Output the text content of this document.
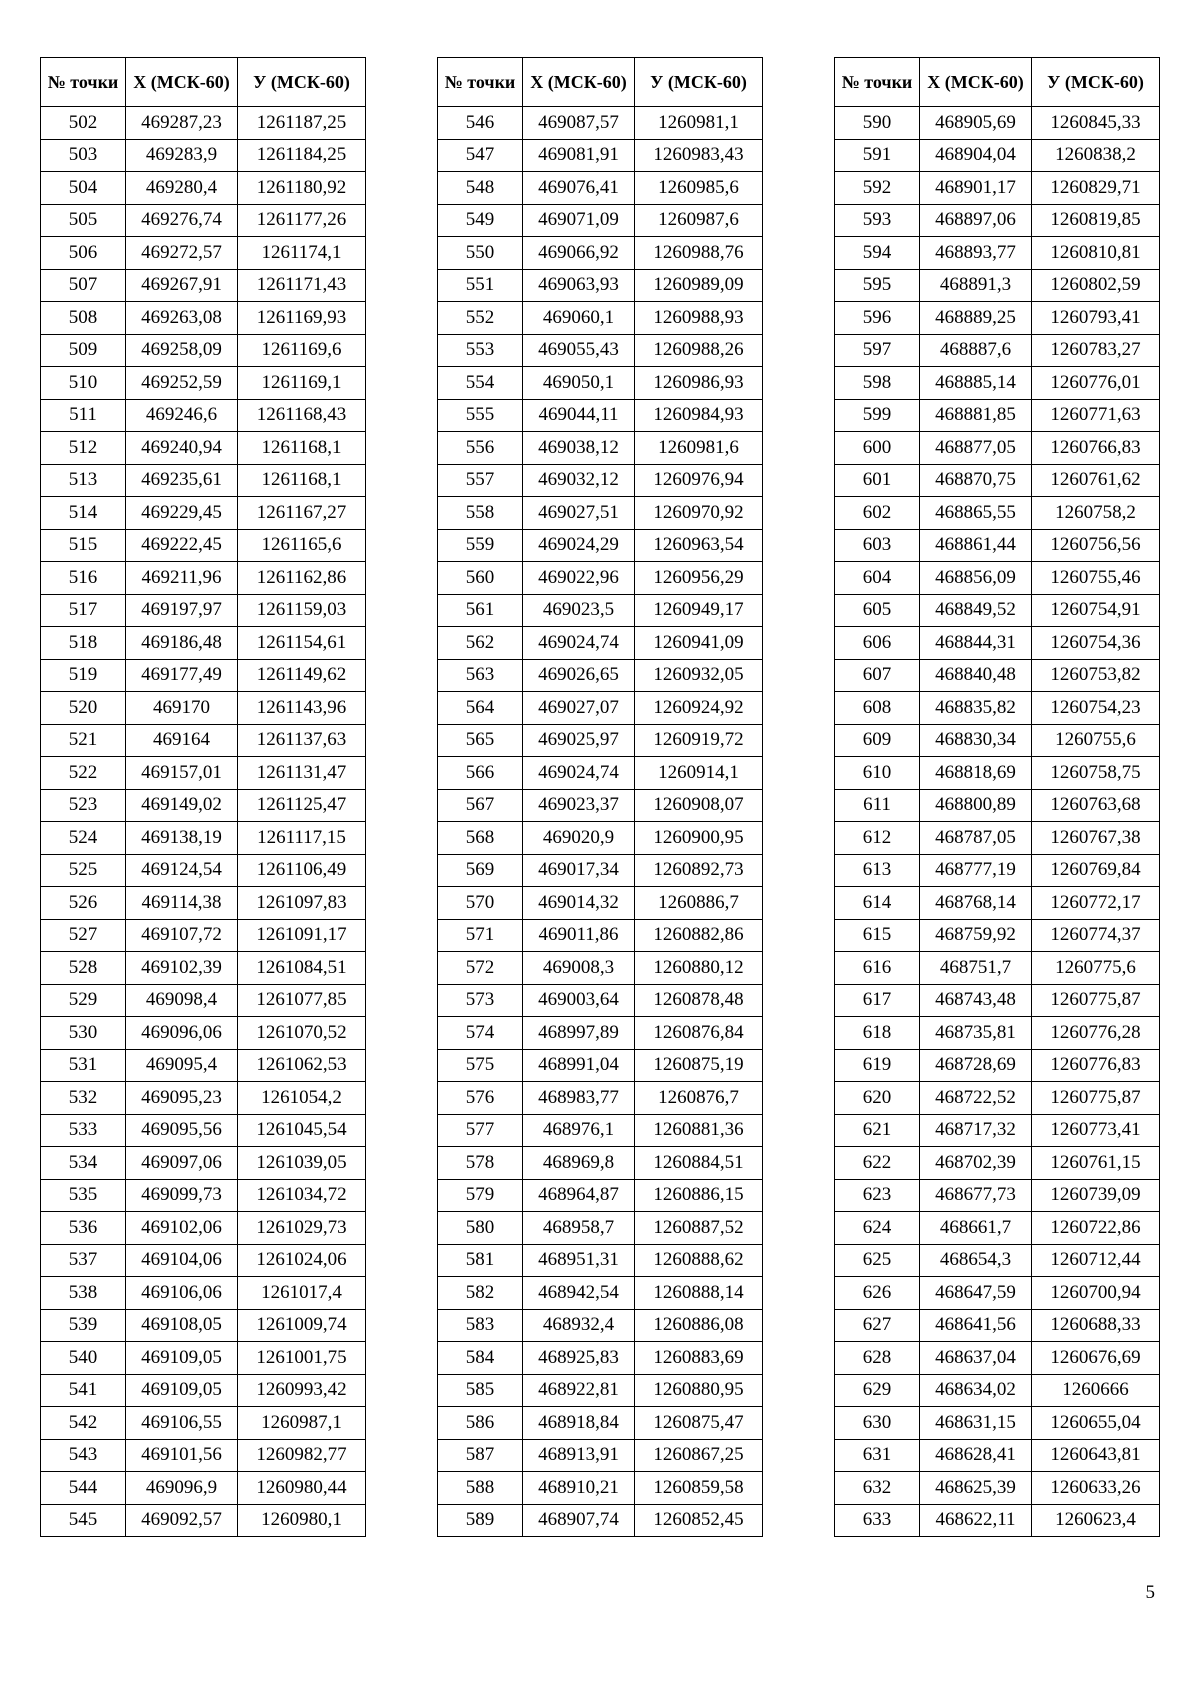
№ точки	Х (МСК-60)	У (МСК-60)
502	469287,23	1261187,25
503	469283,9	1261184,25
504	469280,4	1261180,92
505	469276,74	1261177,26
506	469272,57	1261174,1
507	469267,91	1261171,43
508	469263,08	1261169,93
509	469258,09	1261169,6
510	469252,59	1261169,1
511	469246,6	1261168,43
512	469240,94	1261168,1
513	469235,61	1261168,1
514	469229,45	1261167,27
515	469222,45	1261165,6
516	469211,96	1261162,86
517	469197,97	1261159,03
518	469186,48	1261154,61
519	469177,49	1261149,62
520	469170	1261143,96
521	469164	1261137,63
522	469157,01	1261131,47
523	469149,02	1261125,47
524	469138,19	1261117,15
525	469124,54	1261106,49
526	469114,38	1261097,83
527	469107,72	1261091,17
528	469102,39	1261084,51
529	469098,4	1261077,85
530	469096,06	1261070,52
531	469095,4	1261062,53
532	469095,23	1261054,2
533	469095,56	1261045,54
534	469097,06	1261039,05
535	469099,73	1261034,72
536	469102,06	1261029,73
537	469104,06	1261024,06
538	469106,06	1261017,4
539	469108,05	1261009,74
540	469109,05	1261001,75
541	469109,05	1260993,42
542	469106,55	1260987,1
543	469101,56	1260982,77
544	469096,9	1260980,44
545	469092,57	1260980,1
№ точки	Х (МСК-60)	У (МСК-60)
546	469087,57	1260981,1
547	469081,91	1260983,43
548	469076,41	1260985,6
549	469071,09	1260987,6
550	469066,92	1260988,76
551	469063,93	1260989,09
552	469060,1	1260988,93
553	469055,43	1260988,26
554	469050,1	1260986,93
555	469044,11	1260984,93
556	469038,12	1260981,6
557	469032,12	1260976,94
558	469027,51	1260970,92
559	469024,29	1260963,54
560	469022,96	1260956,29
561	469023,5	1260949,17
562	469024,74	1260941,09
563	469026,65	1260932,05
564	469027,07	1260924,92
565	469025,97	1260919,72
566	469024,74	1260914,1
567	469023,37	1260908,07
568	469020,9	1260900,95
569	469017,34	1260892,73
570	469014,32	1260886,7
571	469011,86	1260882,86
572	469008,3	1260880,12
573	469003,64	1260878,48
574	468997,89	1260876,84
575	468991,04	1260875,19
576	468983,77	1260876,7
577	468976,1	1260881,36
578	468969,8	1260884,51
579	468964,87	1260886,15
580	468958,7	1260887,52
581	468951,31	1260888,62
582	468942,54	1260888,14
583	468932,4	1260886,08
584	468925,83	1260883,69
585	468922,81	1260880,95
586	468918,84	1260875,47
587	468913,91	1260867,25
588	468910,21	1260859,58
589	468907,74	1260852,45
№ точки	Х (МСК-60)	У (МСК-60)
590	468905,69	1260845,33
591	468904,04	1260838,2
592	468901,17	1260829,71
593	468897,06	1260819,85
594	468893,77	1260810,81
595	468891,3	1260802,59
596	468889,25	1260793,41
597	468887,6	1260783,27
598	468885,14	1260776,01
599	468881,85	1260771,63
600	468877,05	1260766,83
601	468870,75	1260761,62
602	468865,55	1260758,2
603	468861,44	1260756,56
604	468856,09	1260755,46
605	468849,52	1260754,91
606	468844,31	1260754,36
607	468840,48	1260753,82
608	468835,82	1260754,23
609	468830,34	1260755,6
610	468818,69	1260758,75
611	468800,89	1260763,68
612	468787,05	1260767,38
613	468777,19	1260769,84
614	468768,14	1260772,17
615	468759,92	1260774,37
616	468751,7	1260775,6
617	468743,48	1260775,87
618	468735,81	1260776,28
619	468728,69	1260776,83
620	468722,52	1260775,87
621	468717,32	1260773,41
622	468702,39	1260761,15
623	468677,73	1260739,09
624	468661,7	1260722,86
625	468654,3	1260712,44
626	468647,59	1260700,94
627	468641,56	1260688,33
628	468637,04	1260676,69
629	468634,02	1260666
630	468631,15	1260655,04
631	468628,41	1260643,81
632	468625,39	1260633,26
633	468622,11	1260623,4
5
